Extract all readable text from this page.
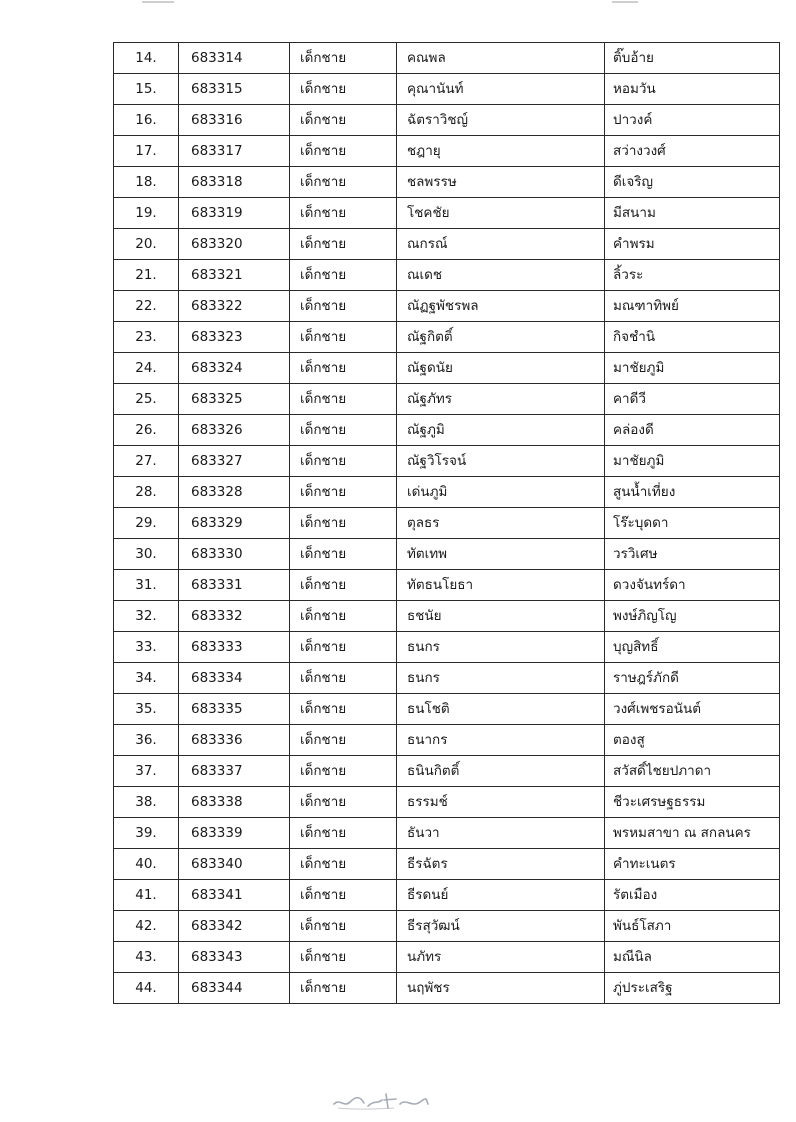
14.	683314	เด็กชาย	คณพล	ติ๊บอ้าย
15.	683315	เด็กชาย	คุณานันท์	หอมวัน
16.	683316	เด็กชาย	ฉัตราวิชญ์	ปาวงค์
17.	683317	เด็กชาย	ชฎายุ	สว่างวงศ์
18.	683318	เด็กชาย	ชลพรรษ	ดีเจริญ
19.	683319	เด็กชาย	โชคชัย	มีสนาม
20.	683320	เด็กชาย	ณกรณ์	คำพรม
21.	683321	เด็กชาย	ณเดช	ลิ้วระ
22.	683322	เด็กชาย	ณัฏฐพัชรพล	มณฑาทิพย์
23.	683323	เด็กชาย	ณัฐกิตติ์	กิจชำนิ
24.	683324	เด็กชาย	ณัฐดนัย	มาชัยภูมิ
25.	683325	เด็กชาย	ณัฐภัทร	คาดีวี
26.	683326	เด็กชาย	ณัฐภูมิ	คล่องดี
27.	683327	เด็กชาย	ณัฐวิโรจน์	มาชัยภูมิ
28.	683328	เด็กชาย	เด่นภูมิ	สูนน้ำเที่ยง
29.	683329	เด็กชาย	ตุลธร	โร๊ะบุดดา
30.	683330	เด็กชาย	ทัตเทพ	วรวิเศษ
31.	683331	เด็กชาย	ทัตธนโยธา	ดวงจันทร์ดา
32.	683332	เด็กชาย	ธชนัย	พงษ์ภิญโญ
33.	683333	เด็กชาย	ธนกร	บุญสิทธิ์
34.	683334	เด็กชาย	ธนกร	ราษฎร์ภักดี
35.	683335	เด็กชาย	ธนโชติ	วงศ์เพชรอนันต์
36.	683336	เด็กชาย	ธนากร	ตองสู
37.	683337	เด็กชาย	ธนินกิตติ์	สวัสดิ์ไชยปภาดา
38.	683338	เด็กชาย	ธรรมช์	ชีวะเศรษฐธรรม
39.	683339	เด็กชาย	ธันวา	พรหมสาขา ณ สกลนคร
40.	683340	เด็กชาย	ธีรฉัตร	คำทะเนตร
41.	683341	เด็กชาย	ธีรดนย์	รัตเมือง
42.	683342	เด็กชาย	ธีรสุวัฒน์	พันธ์โสภา
43.	683343	เด็กชาย	นภัทร	มณีนิล
44.	683344	เด็กชาย	นฤพัชร	ภู่ประเสริฐ
